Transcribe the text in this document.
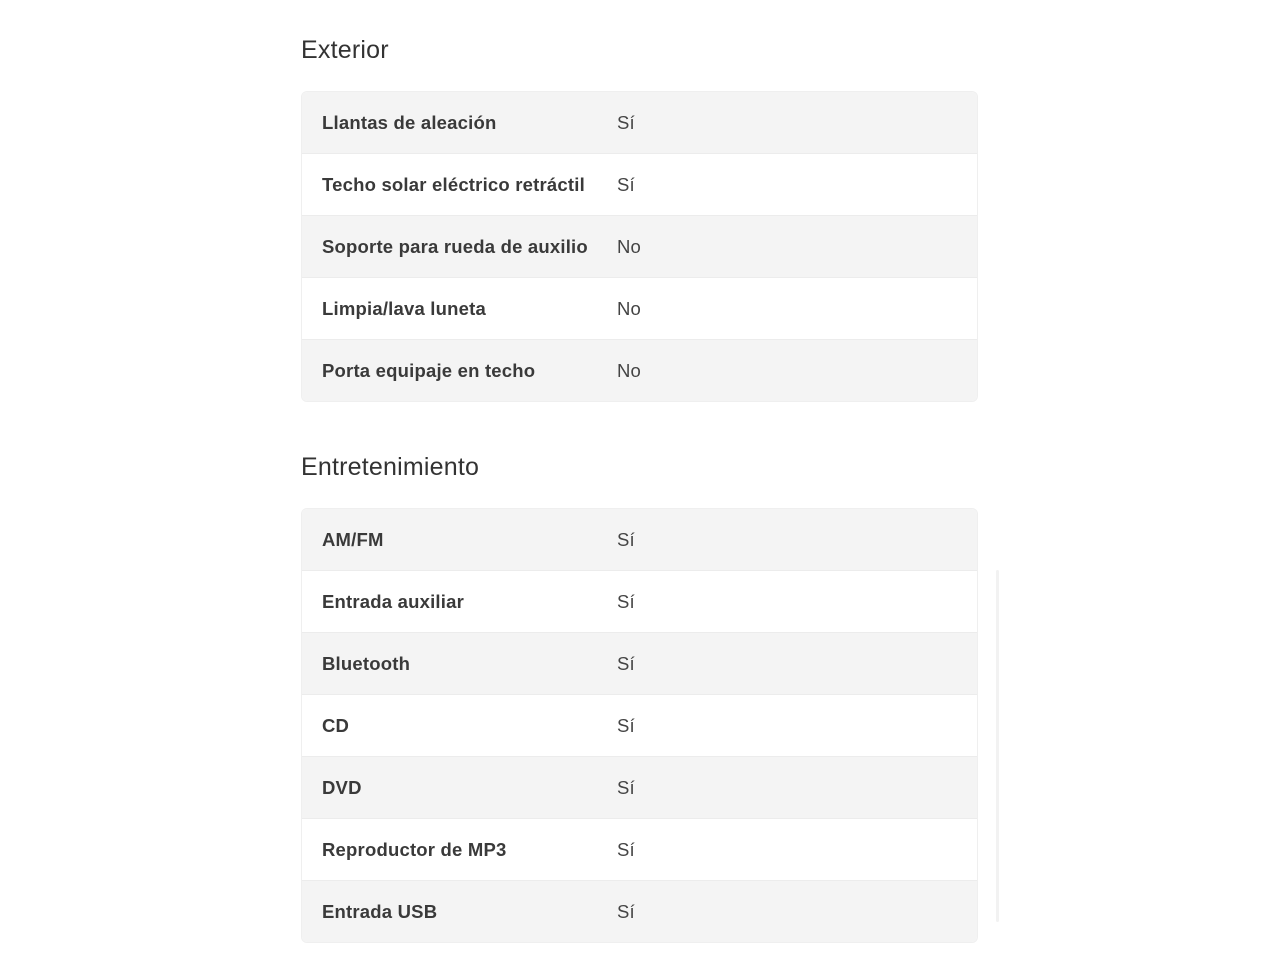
Exterior
Llantas de aleación	Sí
Techo solar eléctrico retráctil	Sí
Soporte para rueda de auxilio	No
Limpia/lava luneta	No
Porta equipaje en techo	No
Entretenimiento
AM/FM	Sí
Entrada auxiliar	Sí
Bluetooth	Sí
CD	Sí
DVD	Sí
Reproductor de MP3	Sí
Entrada USB	Sí
